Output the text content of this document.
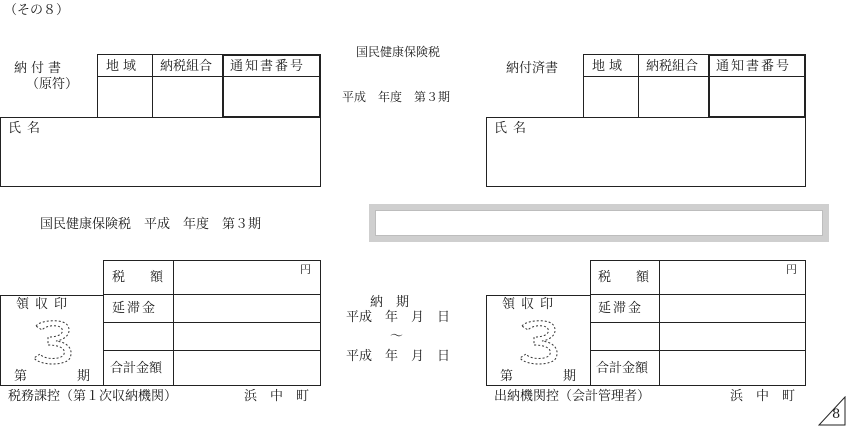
（その８）
納付書
（原符）
地域 納税組合 通知書番号
氏名
国民健康保険税
平成　年度　第３期
納付済書	地域 納税組合 通知書番号
氏名
国民健康保険税　平成　年度　第３期
領収印
第	期
税　額
延滞金
合計金額
円
税務課控（第１次収納機関）	浜　中　町
納　期
平成　年　月　日
～
平成　年　月　日
領収印
第	期
税　額
延滞金
合計金額
円
出納機関控（会計管理者）	浜　中　町
8
